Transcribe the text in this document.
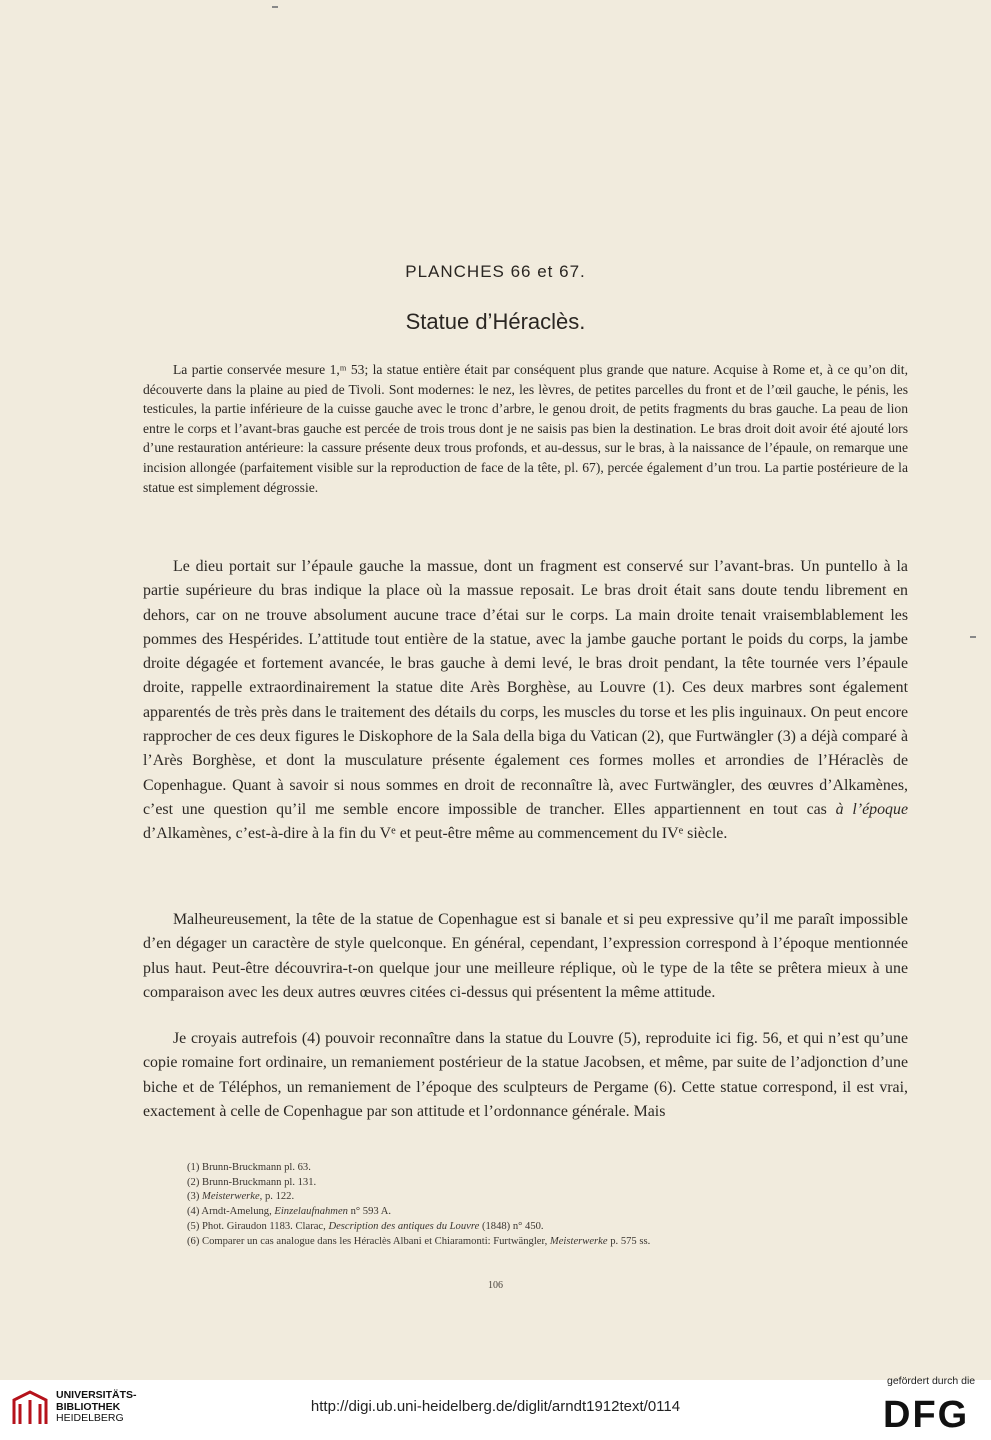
PLANCHES 66 et 67.
Statue d’Héraclès.

La partie conservée mesure 1,ᵐ 53; la statue entière était par conséquent plus grande que nature. Acquise à Rome et, à ce qu’on dit, découverte dans la plaine au pied de Tivoli. Sont modernes: le nez, les lèvres, de petites parcelles du front et de l’œil gauche, le pénis, les testicules, la partie inférieure de la cuisse gauche avec le tronc d’arbre, le genou droit, de petits fragments du bras gauche. La peau de lion entre le corps et l’avant-bras gauche est percée de trois trous dont je ne saisis pas bien la destination. Le bras droit doit avoir été ajouté lors d’une restauration antérieure: la cassure présente deux trous profonds, et au-dessus, sur le bras, à la naissance de l’épaule, on remarque une incision allongée (parfaitement visible sur la reproduction de face de la tête, pl. 67), percée également d’un trou. La partie postérieure de la statue est simplement dégrossie.

Le dieu portait sur l’épaule gauche la massue, dont un fragment est conservé sur l’avant-bras. Un puntello à la partie supérieure du bras indique la place où la massue reposait. Le bras droit était sans doute tendu librement en dehors, car on ne trouve absolument aucune trace d’étai sur le corps. La main droite tenait vraisemblablement les pommes des Hespérides. L’attitude tout entière de la statue, avec la jambe gauche portant le poids du corps, la jambe droite dégagée et fortement avancée, le bras gauche à demi levé, le bras droit pendant, la tête tournée vers l’épaule droite, rappelle extraordinairement la statue dite Arès Borghèse, au Louvre (1). Ces deux marbres sont également apparentés de très près dans le traitement des détails du corps, les muscles du torse et les plis inguinaux. On peut encore rapprocher de ces deux figures le Diskophore de la Sala della biga du Vatican (2), que Furtwängler (3) a déjà comparé à l’Arès Borghèse, et dont la musculature présente également ces formes molles et arrondies de l’Héraclès de Copenhague. Quant à savoir si nous sommes en droit de reconnaître là, avec Furtwängler, des œuvres d’Alkamènes, c’est une question qu’il me semble encore impossible de trancher. Elles appartiennent en tout cas à l’époque d’Alkamènes, c’est-à-dire à la fin du Ve et peut-être même au commencement du IVe siècle.

Malheureusement, la tête de la statue de Copenhague est si banale et si peu expressive qu’il me paraît impossible d’en dégager un caractère de style quelconque. En général, cependant, l’expression correspond à l’époque mentionnée plus haut. Peut-être découvrira-t-on quelque jour une meilleure réplique, où le type de la tête se prêtera mieux à une comparaison avec les deux autres œuvres citées ci-dessus qui présentent la même attitude.

Je croyais autrefois (4) pouvoir reconnaître dans la statue du Louvre (5), reproduite ici fig. 56, et qui n’est qu’une copie romaine fort ordinaire, un remaniement postérieur de la statue Jacobsen, et même, par suite de l’adjonction d’une biche et de Téléphos, un remaniement de l’époque des sculpteurs de Pergame (6). Cette statue correspond, il est vrai, exactement à celle de Copenhague par son attitude et l’ordonnance générale. Mais

(1) Brunn-Bruckmann pl. 63.
(2) Brunn-Bruckmann pl. 131.
(3) Meisterwerke, p. 122.
(4) Arndt-Amelung, Einzelaufnahmen n° 593 A.
(5) Phot. Giraudon 1183. Clarac, Description des antiques du Louvre (1848) n° 450.
(6) Comparer un cas analogue dans les Héraclès Albani et Chiaramonti: Furtwängler, Meisterwerke p. 575 ss.
106
UNIVERSITÄTS-
BIBLIOTHEK
HEIDELBERG
http://digi.ub.uni-heidelberg.de/diglit/arndt1912text/0114
gefördert durch die
DFG
